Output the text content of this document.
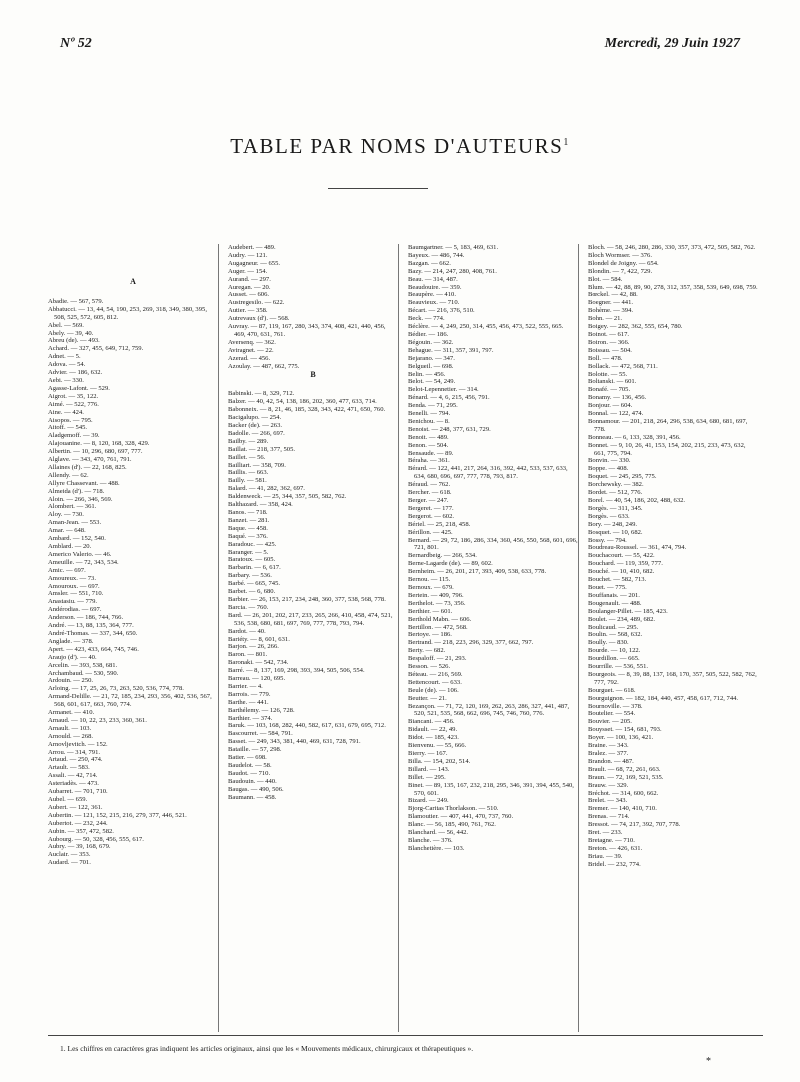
Nº 52	Mercredi, 29 Juin 1927
TABLE PAR NOMS D'AUTEURS$^1$
A
Abadie. — 567, 579.
Abbatucci. — 13, 44, 54, 190, 253, 269, 318, 349, 380, 395, 508, 525, 572, 605, 812.
Abel. — 569.
Abely. — 39, 40.
Abreu (de). — 493.
Achard. — 327, 455, 649, 712, 759.
Adnet. — 5.
Adova. — 54.
Advier. — 186, 632.
Aebi. — 330.
Agasse-Lafont. — 529.
Aigrot. — 35, 122.
Aimé. — 522, 776.
Aine. — 424.
Aisopos. — 795.
Aitoff. — 545.
Aladgemoff. — 39.
Alajouanine. — 8, 120, 168, 328, 429.
Albertin. — 10, 296, 680, 697, 777.
Alglave. — 343, 470, 761, 791.
Allaines (d'). — 22, 168, 825.
Allendy. — 62.
Allyre Chassevant. — 488.
Almeida (d'). — 718.
Aloin. — 266, 346, 569.
Alombert. — 361.
Aloy. — 730.
Aman-Jean. — 553.
Amar. — 648.
Ambard. — 152, 540.
Amblard. — 20.
Americo Valerio. — 46.
Ameuille. — 72, 343, 534.
Amic. — 697.
Amoureux. — 73.
Amouroux. — 697.
Amsler. — 551, 710.
Anastasiu. — 779.
Andérodias. — 697.
Anderson. — 186, 744, 766.
André. — 13, 88, 135, 364, 777.
André-Thomas. — 337, 344, 650.
Anglade. — 378.
Apert. — 423, 433, 664, 745, 746.
Araujo (d'). — 40.
Arcelin. — 393, 538, 681.
Archambaud. — 530, 590.
Ardouin. — 250.
Arloing. — 17, 25, 26, 73, 263, 520, 536, 774, 778.
Armand-Delille. — 21, 72, 185, 234, 293, 356, 402, 536, 567, 568, 601, 617, 663, 760, 774.
Armanet. — 410.
Arnaud. — 10, 22, 23, 233, 360, 361.
Arnault. — 103.
Arnould. — 268.
Arnovljevitch. — 152.
Arrou. — 314, 791.
Artaud. — 250, 474.
Artault. — 583.
Assali. — 42, 714.
Asteriadès. — 473.
Aubarret. — 701, 710.
Aubel. — 659.
Aubert. — 122, 361.
Aubertin. — 121, 152, 215, 216, 279, 377, 446, 521.
Aubertot. — 232, 244.
Aubin. — 357, 472, 582.
Aubourg. — 50, 328, 456, 555, 617.
Aubry. — 39, 168, 679.
Auclair. — 353.
Audard. — 701.
Audebert. — 489.
Audry. — 121.
Augagneur. — 655.
Auger. — 154.
Aurand. — 297.
Auregan. — 20.
Ausset. — 606.
Austregesilo. — 622.
Autier. — 358.
Autrevaux (d'). — 568.
Auvray. — 87, 119, 167, 280, 343, 374, 408, 421, 440, 456, 469, 470, 631, 761.
Aversenq. — 362.
Aviragnet. — 22.
Azerad. — 456.
Azoulay. — 487, 662, 775.
B
Babinski. — 8, 329, 712.
Balzer. — 40, 42, 54, 138, 186, 202, 360, 477, 633, 714.
Babonneix. — 8, 21, 46, 185, 328, 343, 422, 471, 650, 760.
Bacigalupo. — 254.
Backer (de). — 263.
Badolle. — 266, 697.
Bailby. — 289.
Baillat. — 218, 377, 505.
Baillet. — 56.
Bailliart. — 358, 709.
Baillis. — 663.
Bailly. — 581.
Balard. — 41, 282, 362, 697.
Baldenweck. — 25, 344, 357, 505, 582, 762.
Balthazard. — 358, 424.
Banos. — 718.
Banzet. — 281.
Baque. — 458.
Baqué. — 376.
Baradouc. — 425.
Baranger. — 5.
Baratoux. — 605.
Barbarin. — 6, 617.
Barbary. — 536.
Barbé. — 665, 745.
Barbet. — 6, 680.
Barbier. — 26, 153, 217, 234, 248, 360, 377, 538, 568, 778.
Barcia. — 760.
Bard. — 26, 201, 202, 217, 233, 265, 266, 410, 458, 474, 521, 536, 538, 680, 681, 697, 769, 777, 778, 793, 794.
Bardot. — 40.
Bariéty. — 8, 601, 631.
Barjon. — 26, 266.
Baron. — 801.
Baronaki. — 542, 734.
Barré. — 8, 137, 169, 298, 393, 394, 505, 506, 554.
Barreau. — 120, 695.
Barrier. — 4.
Barrois. — 779.
Barthe. — 441.
Barthélemy. — 126, 728.
Barthier. — 374.
Baruk. — 103, 168, 282, 440, 582, 617, 631, 679, 695, 712.
Bascourret. — 584, 791.
Basset. — 249, 343, 381, 440, 469, 631, 728, 791.
Bataille. — 57, 298.
Batier. — 698.
Baudelot. — 58.
Baudot. — 710.
Baudouin. — 440.
Baugas. — 490, 506.
Baumann. — 458.
Baumgartner. — 5, 183, 469, 631.
Bayeux. — 486, 744.
Bazgan. — 662.
Bazy. — 214, 247, 280, 408, 761.
Beau. — 314, 487.
Beaudouire. — 359.
Beaupère. — 410.
Beauvieux. — 710.
Bécart. — 216, 376, 510.
Beck. — 774.
Béclère. — 4, 249, 250, 314, 455, 456, 473, 522, 555, 665.
Bédier. — 186.
Bégouin. — 362.
Behague. — 311, 357, 391, 797.
Bejarano. — 347.
Belgueil. — 698.
Belin. — 456.
Belot. — 54, 249.
Belot-Lepennetier. — 314.
Bénard. — 4, 6, 215, 456, 791.
Benda. — 71, 295.
Benelli. — 794.
Benichou. — 8.
Benoist. — 248, 377, 631, 729.
Benoit. — 489.
Benon. — 504.
Bensaude. — 89.
Béraha. — 361.
Bérard. — 122, 441, 217, 264, 316, 392, 442, 533, 537, 633, 634, 680, 696, 697, 777, 778, 793, 817.
Béraud. — 762.
Bercher. — 618.
Berger. — 247.
Bergeret. — 177.
Bergerot. — 602.
Bériel. — 25, 218, 458.
Bérillon. — 425.
Bernard. — 29, 72, 186, 286, 334, 360, 456, 550, 568, 601, 696, 721, 801.
Bernardbeig. — 266, 534.
Berne-Lagarde (de). — 89, 602.
Bernheim. — 26, 201, 217, 393, 409, 538, 633, 778.
Bernou. — 115.
Bernoux. — 679.
Bertein. — 409, 796.
Berthelot. — 73, 356.
Berthier. — 601.
Berthold Mabn. — 606.
Bertillon. — 472, 568.
Bertoye. — 186.
Bertrand. — 218, 223, 296, 329, 377, 662, 797.
Berty. — 682.
Bespaloff. — 21, 293.
Besson. — 526.
Béteau. — 216, 569.
Bettencourt. — 633.
Beule (de). — 106.
Beutter. — 21.
Bezançon. — 71, 72, 120, 169, 262, 263, 286, 327, 441, 487, 520, 521, 535, 568, 662, 696, 745, 746, 760, 776.
Biancani. — 456.
Bidault. — 22, 49.
Bidot. — 185, 423.
Bienvenu. — 55, 666.
Bierry. — 167.
Billa. — 154, 202, 514.
Billard. — 143.
Billet. — 295.
Binet. — 89, 135, 167, 232, 218, 295, 346, 391, 394, 455, 540, 570, 601.
Bizard. — 249.
Bjorg-Caritas Thorlakson. — 510.
Blamoutier. — 407, 441, 470, 737, 760.
Blanc. — 56, 185, 490, 761, 762.
Blanchard. — 56, 442.
Blanche. — 376.
Blanchetière. — 103.
Bloch. — 58, 246, 280, 286, 330, 357, 373, 472, 505, 582, 762.
Bloch Wormser. — 376.
Blondel de Joigny. — 654.
Blondin. — 7, 422, 729.
Blot. — 584.
Blum. — 42, 88, 89, 90, 278, 312, 357, 358, 539, 649, 698, 759.
Bœckel. — 42, 88.
Boegner. — 441.
Bohème. — 394.
Bohn. — 21.
Boigey. — 282, 362, 555, 654, 780.
Boinot. — 617.
Boiron. — 366.
Boissau. — 504.
Boll. — 478.
Bollack. — 472, 568, 711.
Bolotte. — 55.
Boltanski. — 601.
Bonafé. — 705.
Bonamy. — 136, 456.
Bonjour. — 604.
Bonnal. — 122, 474.
Bonnamour. — 201, 218, 264, 296, 538, 634, 680, 681, 697, 778.
Bonneau. — 6, 133, 328, 391, 456.
Bonnet. — 9, 10, 26, 41, 153, 154, 202, 215, 233, 473, 632, 661, 775, 794.
Bonvin. — 330.
Boppe. — 408.
Boquet. — 245, 295, 775.
Borchewsky. — 382.
Bordet. — 512, 776.
Borel. — 40, 54, 186, 202, 488, 632.
Borgès. — 311, 345.
Borgès. — 633.
Bory. — 248, 249.
Bosquet. — 10, 682.
Bossy. — 794.
Boudreau-Roussel. — 361, 474, 794.
Bouchacourt. — 55, 422.
Bouchard. — 119, 359, 777.
Bouché. — 10, 410, 682.
Bouchet. — 582, 713.
Bouet. — 775.
Bouffanais. — 201.
Bougenault. — 488.
Boulanger-Pillet. — 185, 423.
Boulet. — 234, 489, 682.
Boulicaud. — 295.
Boulin. — 568, 632.
Boully. — 830.
Bourde. — 10, 122.
Bourdillon. — 665.
Bourrille. — 536, 551.
Bourgeois. — 8, 39, 88, 137, 168, 170, 357, 505, 522, 582, 762, 777, 792.
Bourguet. — 618.
Bourguignon. — 182, 184, 440, 457, 458, 617, 712, 744.
Bournoville. — 378.
Boutelier. — 554.
Bouvier. — 205.
Bouysset. — 154, 681, 793.
Boyer. — 100, 136, 421.
Braine. — 343.
Bralez. — 377.
Brandon. — 487.
Brault. — 68, 72, 261, 663.
Braun. — 72, 169, 521, 535.
Brauw. — 329.
Bréchot. — 314, 600, 662.
Brelet. — 343.
Bremer. — 140, 410, 710.
Brenas. — 714.
Bressot. — 74, 217, 392, 707, 778.
Bret. — 233.
Bretagne. — 710.
Breton. — 426, 631.
Briau. — 39.
Bridel. — 232, 774.
1. Les chiffres en caractères gras indiquent les articles originaux, ainsi que les « Mouvements médicaux, chirurgicaux et thérapeutiques ».
*
